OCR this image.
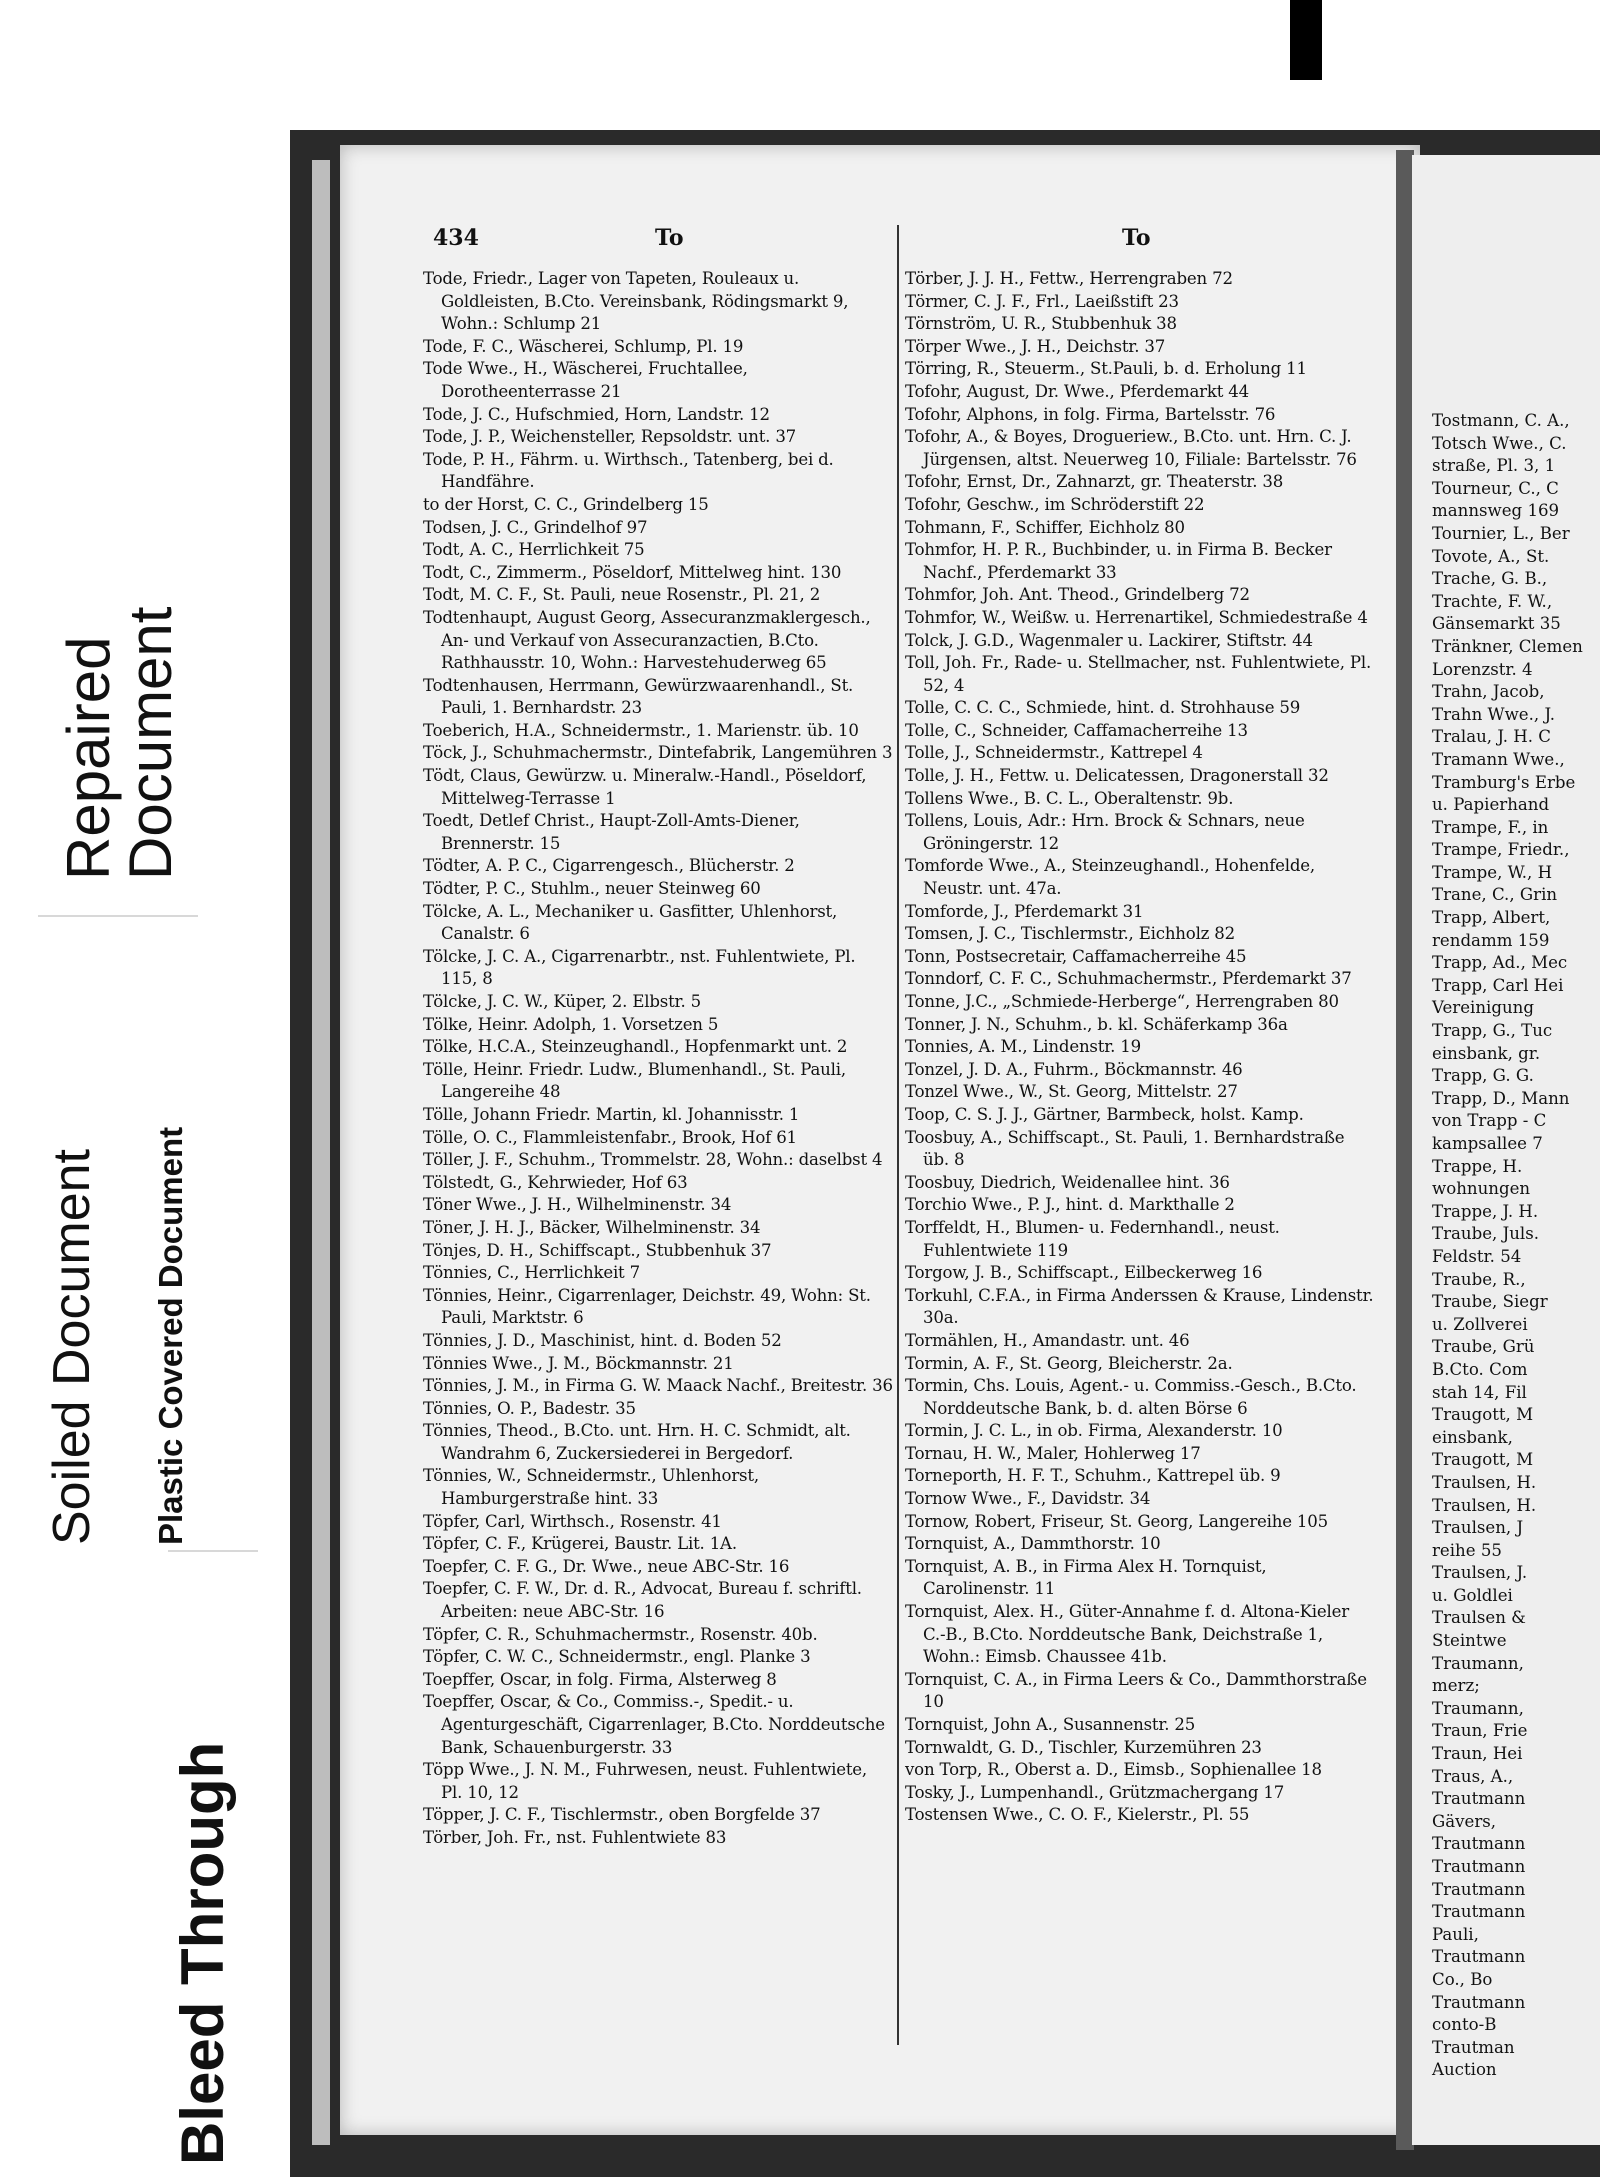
Repaired
Document
Soiled Document Plastic Covered Document
Bleed Through
434	To	To

Tode, Friedr., Lager von Tapeten, Rouleaux u. Goldleisten, B.Cto. Vereinsbank, Rödingsmarkt 9, Wohn.: Schlump 21

Tode, F. C., Wäscherei, Schlump, Pl. 19

Tode Wwe., H., Wäscherei, Fruchtallee, Dorotheenterrasse 21

Tode, J. C., Hufschmied, Horn, Landstr. 12

Tode, J. P., Weichensteller, Repsoldstr. unt. 37

Tode, P. H., Fährm. u. Wirthsch., Tatenberg, bei d. Handfähre.

to der Horst, C. C., Grindelberg 15

Todsen, J. C., Grindelhof 97

Todt, A. C., Herrlichkeit 75

Todt, C., Zimmerm., Pöseldorf, Mittelweg hint. 130

Todt, M. C. F., St. Pauli, neue Rosenstr., Pl. 21, 2

Todtenhaupt, August Georg, Assecuranzmaklergesch., An- und Verkauf von Assecuranzactien, B.Cto. Rathhausstr. 10, Wohn.: Harvestehuderweg 65

Todtenhausen, Herrmann, Gewürzwaarenhandl., St. Pauli, 1. Bernhardstr. 23

Toeberich, H.A., Schneidermstr., 1. Marienstr. üb. 10

Töck, J., Schuhmachermstr., Dintefabrik, Langemühren 3

Tödt, Claus, Gewürzw. u. Mineralw.-Handl., Pöseldorf, Mittelweg-Terrasse 1

Toedt, Detlef Christ., Haupt-Zoll-Amts-Diener, Brennerstr. 15

Tödter, A. P. C., Cigarrengesch., Blücherstr. 2

Tödter, P. C., Stuhlm., neuer Steinweg 60

Tölcke, A. L., Mechaniker u. Gasfitter, Uhlenhorst, Canalstr. 6

Tölcke, J. C. A., Cigarrenarbtr., nst. Fuhlentwiete, Pl. 115, 8

Tölcke, J. C. W., Küper, 2. Elbstr. 5

Tölke, Heinr. Adolph, 1. Vorsetzen 5

Tölke, H.C.A., Steinzeughandl., Hopfenmarkt unt. 2

Tölle, Heinr. Friedr. Ludw., Blumenhandl., St. Pauli, Langereihe 48

Tölle, Johann Friedr. Martin, kl. Johannisstr. 1

Tölle, O. C., Flammleistenfabr., Brook, Hof 61

Töller, J. F., Schuhm., Trommelstr. 28, Wohn.: daselbst 4

Tölstedt, G., Kehrwieder, Hof 63

Töner Wwe., J. H., Wilhelminenstr. 34

Töner, J. H. J., Bäcker, Wilhelminenstr. 34

Tönjes, D. H., Schiffscapt., Stubbenhuk 37

Tönnies, C., Herrlichkeit 7

Tönnies, Heinr., Cigarrenlager, Deichstr. 49, Wohn: St. Pauli, Marktstr. 6

Tönnies, J. D., Maschinist, hint. d. Boden 52

Tönnies Wwe., J. M., Böckmannstr. 21

Tönnies, J. M., in Firma G. W. Maack Nachf., Breitestr. 36

Tönnies, O. P., Badestr. 35

Tönnies, Theod., B.Cto. unt. Hrn. H. C. Schmidt, alt. Wandrahm 6, Zuckersiederei in Bergedorf.

Tönnies, W., Schneidermstr., Uhlenhorst, Hamburgerstraße hint. 33

Töpfer, Carl, Wirthsch., Rosenstr. 41

Töpfer, C. F., Krügerei, Baustr. Lit. 1A.

Toepfer, C. F. G., Dr. Wwe., neue ABC-Str. 16

Toepfer, C. F. W., Dr. d. R., Advocat, Bureau f. schriftl. Arbeiten: neue ABC-Str. 16

Töpfer, C. R., Schuhmachermstr., Rosenstr. 40b.

Töpfer, C. W. C., Schneidermstr., engl. Planke 3

Toepffer, Oscar, in folg. Firma, Alsterweg 8

Toepffer, Oscar, & Co., Commiss.-, Spedit.- u. Agenturgeschäft, Cigarrenlager, B.Cto. Norddeutsche Bank, Schauenburgerstr. 33

Töpp Wwe., J. N. M., Fuhrwesen, neust. Fuhlentwiete, Pl. 10, 12

Töpper, J. C. F., Tischlermstr., oben Borgfelde 37

Törber, Joh. Fr., nst. Fuhlentwiete 83

Törber, J. J. H., Fettw., Herrengraben 72

Törmer, C. J. F., Frl., Laeißstift 23

Törnström, U. R., Stubbenhuk 38

Törper Wwe., J. H., Deichstr. 37

Törring, R., Steuerm., St.Pauli, b. d. Erholung 11

Tofohr, August, Dr. Wwe., Pferdemarkt 44

Tofohr, Alphons, in folg. Firma, Bartelsstr. 76

Tofohr, A., & Boyes, Drogueriew., B.Cto. unt. Hrn. C. J. Jürgensen, altst. Neuerweg 10, Filiale: Bartelsstr. 76

Tofohr, Ernst, Dr., Zahnarzt, gr. Theaterstr. 38

Tofohr, Geschw., im Schröderstift 22

Tohmann, F., Schiffer, Eichholz 80

Tohmfor, H. P. R., Buchbinder, u. in Firma B. Becker Nachf., Pferdemarkt 33

Tohmfor, Joh. Ant. Theod., Grindelberg 72

Tohmfor, W., Weißw. u. Herrenartikel, Schmiedestraße 4

Tolck, J. G.D., Wagenmaler u. Lackirer, Stiftstr. 44

Toll, Joh. Fr., Rade- u. Stellmacher, nst. Fuhlentwiete, Pl. 52, 4

Tolle, C. C. C., Schmiede, hint. d. Strohhause 59

Tolle, C., Schneider, Caffamacherreihe 13

Tolle, J., Schneidermstr., Kattrepel 4

Tolle, J. H., Fettw. u. Delicatessen, Dragonerstall 32

Tollens Wwe., B. C. L., Oberaltenstr. 9b.

Tollens, Louis, Adr.: Hrn. Brock & Schnars, neue Gröningerstr. 12

Tomforde Wwe., A., Steinzeughandl., Hohenfelde, Neustr. unt. 47a.

Tomforde, J., Pferdemarkt 31

Tomsen, J. C., Tischlermstr., Eichholz 82

Tonn, Postsecretair, Caffamacherreihe 45

Tonndorf, C. F. C., Schuhmachermstr., Pferdemarkt 37

Tonne, J.C., „Schmiede-Herberge“, Herrengraben 80

Tonner, J. N., Schuhm., b. kl. Schäferkamp 36a

Tonnies, A. M., Lindenstr. 19

Tonzel, J. D. A., Fuhrm., Böckmannstr. 46

Tonzel Wwe., W., St. Georg, Mittelstr. 27

Toop, C. S. J. J., Gärtner, Barmbeck, holst. Kamp.

Toosbuy, A., Schiffscapt., St. Pauli, 1. Bernhardstraße üb. 8

Toosbuy, Diedrich, Weidenallee hint. 36

Torchio Wwe., P. J., hint. d. Markthalle 2

Torffeldt, H., Blumen- u. Federnhandl., neust. Fuhlentwiete 119

Torgow, J. B., Schiffscapt., Eilbeckerweg 16

Torkuhl, C.F.A., in Firma Anderssen & Krause, Lindenstr. 30a.

Tormählen, H., Amandastr. unt. 46

Tormin, A. F., St. Georg, Bleicherstr. 2a.

Tormin, Chs. Louis, Agent.- u. Commiss.-Gesch., B.Cto. Norddeutsche Bank, b. d. alten Börse 6

Tormin, J. C. L., in ob. Firma, Alexanderstr. 10

Tornau, H. W., Maler, Hohlerweg 17

Torneporth, H. F. T., Schuhm., Kattrepel üb. 9

Tornow Wwe., F., Davidstr. 34

Tornow, Robert, Friseur, St. Georg, Langereihe 105

Tornquist, A., Dammthorstr. 10

Tornquist, A. B., in Firma Alex H. Tornquist, Carolinenstr. 11

Tornquist, Alex. H., Güter-Annahme f. d. Altona-Kieler C.-B., B.Cto. Norddeutsche Bank, Deichstraße 1, Wohn.: Eimsb. Chaussee 41b.

Tornquist, C. A., in Firma Leers & Co., Dammthorstraße 10

Tornquist, John A., Susannenstr. 25

Tornwaldt, G. D., Tischler, Kurzemühren 23

von Torp, R., Oberst a. D., Eimsb., Sophienallee 18

Tosky, J., Lumpenhandl., Grützmachergang 17

Tostensen Wwe., C. O. F., Kielerstr., Pl. 55

Tostmann, C. A.,

Totsch Wwe., C.

straße, Pl. 3, 1

Tourneur, C., C

mannsweg 169

Tournier, L., Ber

Tovote, A., St.

Trache, G. B.,

Trachte, F. W.,

Gänsemarkt 35

Tränkner, Clemen

Lorenzstr. 4

Trahn, Jacob,

Trahn Wwe., J.

Tralau, J. H. C

Tramann Wwe.,

Tramburg's Erbe

u. Papierhand

Trampe, F., in

Trampe, Friedr.,

Trampe, W., H

Trane, C., Grin

Trapp, Albert,

rendamm 159

Trapp, Ad., Mec

Trapp, Carl Hei

Vereinigung

Trapp, G., Tuc

einsbank, gr.

Trapp, G. G.

Trapp, D., Mann

von Trapp - C

kampsallee 7

Trappe, H.

wohnungen

Trappe, J. H.

Traube, Juls.

Feldstr. 54

Traube, R.,

Traube, Siegr

u. Zollverei

Traube, Grü

B.Cto. Com

stah 14, Fil

Traugott, M

einsbank,

Traugott, M

Traulsen, H.

Traulsen, H.

Traulsen, J

reihe 55

Traulsen, J.

u. Goldlei

Traulsen &

Steintwe

Traumann,

merz;

Traumann,

Traun, Frie

Traun, Hei

Traus, A.,

Trautmann

Gävers,

Trautmann

Trautmann

Trautmann

Trautmann

Pauli,

Trautmann

Co., Bo

Trautmann

conto-B

Trautman

Auction
